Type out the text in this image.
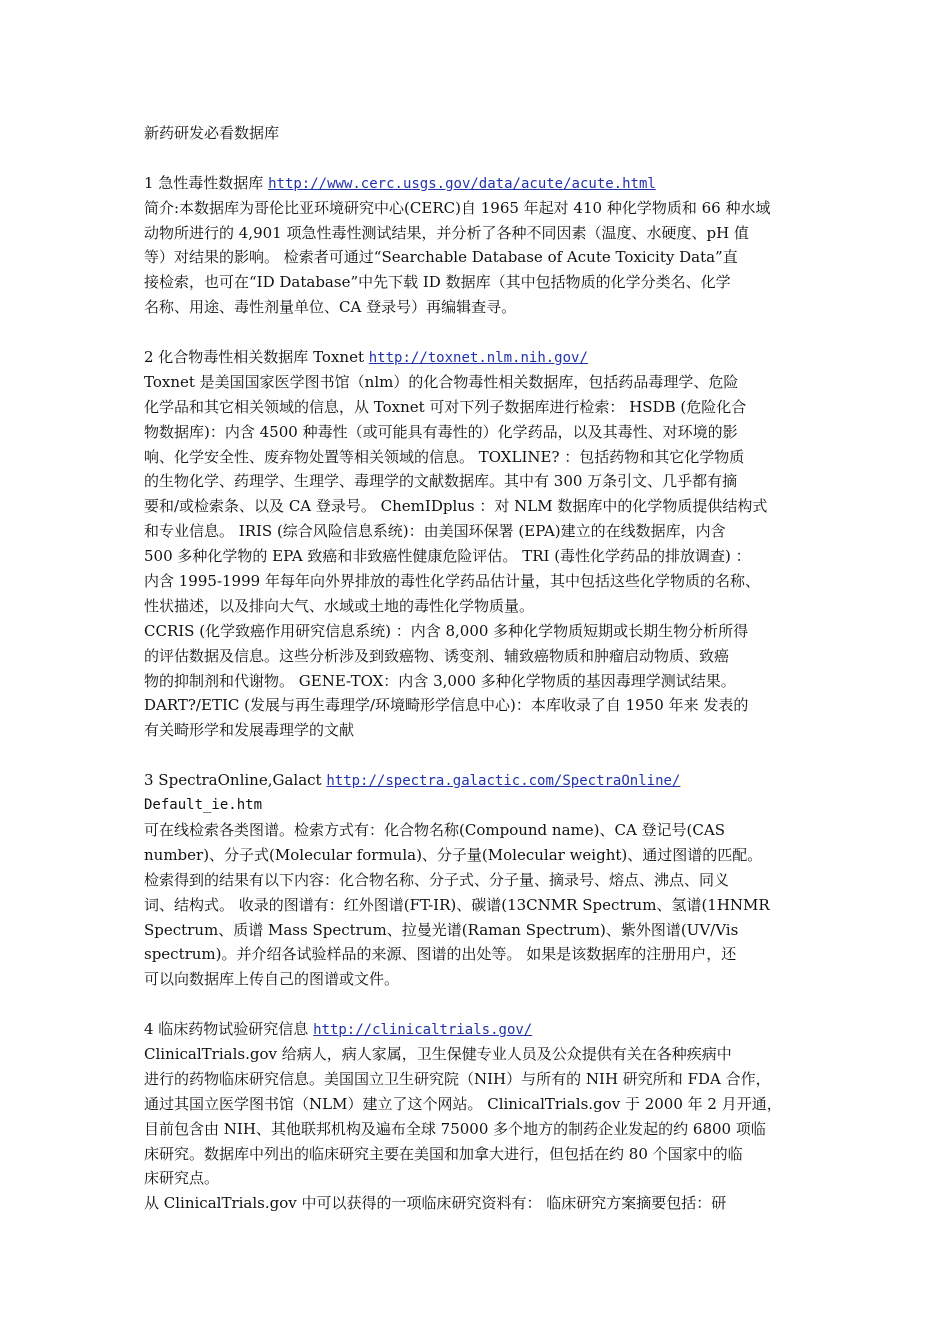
新药研发必看数据库
1 急性毒性数据库 http://www.cerc.usgs.gov/data/acute/acute.html
简介:本数据库为哥伦比亚环境研究中心(CERC)自 1965 年起对 410 种化学物质和 66 种水域
动物所进行的 4,901 项急性毒性测试结果，并分析了各种不同因素（温度、水硬度、pH 值
等）对结果的影响。 检索者可通过“Searchable Database of Acute Toxicity Data”直
接检索，也可在“ID Database”中先下载 ID 数据库（其中包括物质的化学分类名、化学
名称、用途、毒性剂量单位、CA 登录号）再编辑查寻。
2 化合物毒性相关数据库 Toxnet http://toxnet.nlm.nih.gov/
Toxnet 是美国国家医学图书馆（nlm）的化合物毒性相关数据库，包括药品毒理学、危险
化学品和其它相关领域的信息，从 Toxnet 可对下列子数据库进行检索： HSDB (危险化合
物数据库)：内含 4500 种毒性（或可能具有毒性的）化学药品，以及其毒性、对环境的影
响、化学安全性、废弃物处置等相关领域的信息。 TOXLINE? ：包括药物和其它化学物质
的生物化学、药理学、生理学、毒理学的文献数据库。其中有 300 万条引文、几乎都有摘
要和/或检索条、以及 CA 登录号。 ChemIDplus ：对 NLM 数据库中的化学物质提供结构式
和专业信息。 IRIS (综合风险信息系统)：由美国环保署 (EPA)建立的在线数据库，内含
500 多种化学物的 EPA 致癌和非致癌性健康危险评估。 TRI (毒性化学药品的排放调查) ：
内含 1995-1999 年每年向外界排放的毒性化学药品估计量，其中包括这些化学物质的名称、
性状描述，以及排向大气、水域或土地的毒性化学物质量。
CCRIS (化学致癌作用研究信息系统) ：内含 8,000 多种化学物质短期或长期生物分析所得
的评估数据及信息。这些分析涉及到致癌物、诱变剂、辅致癌物质和肿瘤启动物质、致癌
物的抑制剂和代谢物。 GENE-TOX：内含 3,000 多种化学物质的基因毒理学测试结果。
DART?/ETIC (发展与再生毒理学/环境畸形学信息中心)：本库收录了自 1950 年来 发表的
有关畸形学和发展毒理学的文献
3 SpectraOnline,Galact http://spectra.galactic.com/SpectraOnline/
Default_ie.htm
可在线检索各类图谱。检索方式有：化合物名称(Compound name)、CA 登记号(CAS
number)、分子式(Molecular formula)、分子量(Molecular weight)、通过图谱的匹配。
检索得到的结果有以下内容：化合物名称、分子式、分子量、摘录号、熔点、沸点、同义
词、结构式。 收录的图谱有：红外图谱(FT-IR)、碳谱(13CNMR Spectrum、氢谱(1HNMR
Spectrum、质谱 Mass Spectrum、拉曼光谱(Raman Spectrum)、紫外图谱(UV/Vis
spectrum)。并介绍各试验样品的来源、图谱的出处等。 如果是该数据库的注册用户，还
可以向数据库上传自己的图谱或文件。
4 临床药物试验研究信息 http://clinicaltrials.gov/
ClinicalTrials.gov 给病人，病人家属，卫生保健专业人员及公众提供有关在各种疾病中
进行的药物临床研究信息。美国国立卫生研究院（NIH）与所有的 NIH 研究所和 FDA 合作，
通过其国立医学图书馆（NLM）建立了这个网站。 ClinicalTrials.gov 于 2000 年 2 月开通，
目前包含由 NIH、其他联邦机构及遍布全球 75000 多个地方的制药企业发起的约 6800 项临
床研究。数据库中列出的临床研究主要在美国和加拿大进行，但包括在约 80 个国家中的临
床研究点。
从 ClinicalTrials.gov 中可以获得的一项临床研究资料有： 临床研究方案摘要包括：研
